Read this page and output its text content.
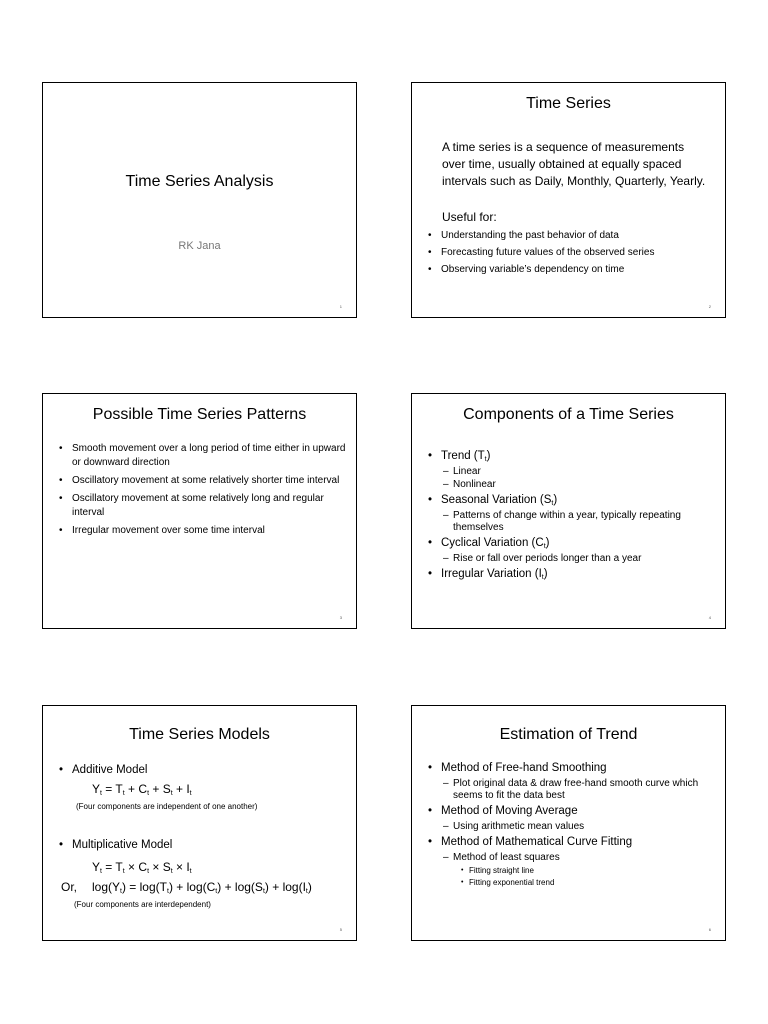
Time Series Analysis
RK Jana
1
Time Series
A time series is a sequence of measurements over time, usually obtained at equally spaced intervals such as Daily, Monthly, Quarterly, Yearly.
Useful for:
• Understanding the past behavior of data
• Forecasting future values of the observed series
• Observing variable’s dependency on time
2
Possible Time Series Patterns
• Smooth movement over a long period of time either in upward or downward direction
• Oscillatory movement at some relatively shorter time interval
• Oscillatory movement at some relatively long and regular interval
• Irregular movement over some time interval
3
Components of a Time Series
• Trend $(T_t)$
– Linear
– Nonlinear
• Seasonal Variation $(S_t)$
– Patterns of change within a year, typically repeating themselves
• Cyclical Variation $(C_t)$
– Rise or fall over periods longer than a year
• Irregular Variation $(I_t)$
4
Time Series Models
• Additive Model
$Y_t = T_t + C_t + S_t + I_t$
(Four components are independent of one another)
• Multiplicative Model
$Y_t = T_t \times C_t \times S_t \times I_t$
Or, $\log(Y_t) = \log(T_t) + \log(C_t) + \log(S_t) + \log(I_t)$
(Four components are interdependent)
5
Estimation of Trend
• Method of Free-hand Smoothing
– Plot original data & draw free-hand smooth curve which seems to fit the data best
• Method of Moving Average
– Using arithmetic mean values
• Method of Mathematical Curve Fitting
– Method of least squares
• Fitting straight line
• Fitting exponential trend
6
